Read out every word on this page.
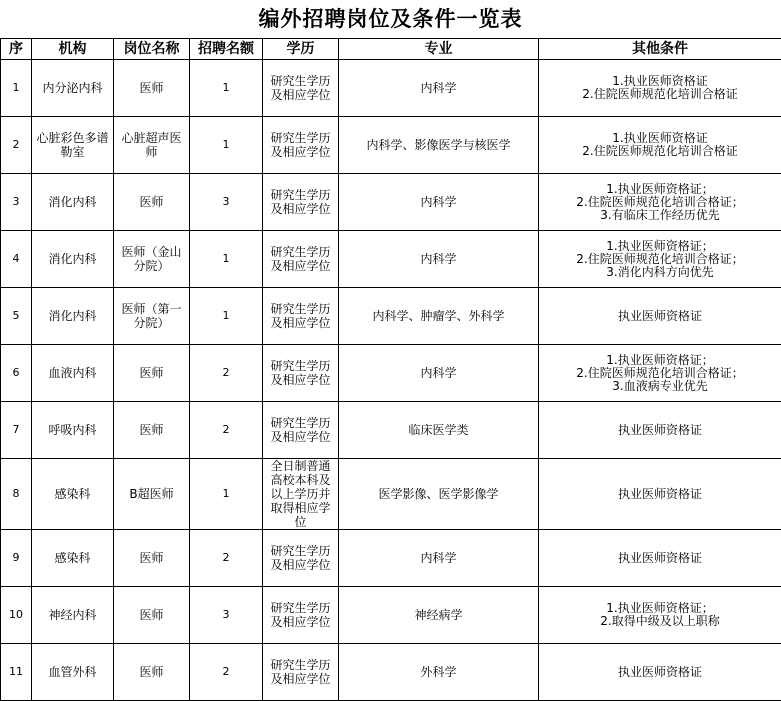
编外招聘岗位及条件一览表
序	机构	岗位名称	招聘名额	学历	专业	其他条件
1	内分泌内科	医师	1	研究生学历及相应学位	内科学	1.执业医师资格证
2.住院医师规范化培训合格证

2	心脏彩色多谱勒室	心脏超声医师	1	研究生学历及相应学位	内科学、影像医学与核医学	1.执业医师资格证
2.住院医师规范化培训合格证

3	消化内科	医师	3	研究生学历及相应学位	内科学	1.执业医师资格证；
2.住院医师规范化培训合格证；
3.有临床工作经历优先

4	消化内科	医师（金山分院）	1	研究生学历及相应学位	内科学	1.执业医师资格证；
2.住院医师规范化培训合格证；
3.消化内科方向优先

5	消化内科	医师（第一分院）	1	研究生学历及相应学位	内科学、肿瘤学、外科学	执业医师资格证

6	血液内科	医师	2	研究生学历及相应学位	内科学	1.执业医师资格证；
2.住院医师规范化培训合格证；
3.血液病专业优先

7	呼吸内科	医师	2	研究生学历及相应学位	临床医学类	执业医师资格证

8	感染科	B超医师	1	全日制普通高校本科及以上学历并取得相应学位	医学影像、医学影像学	执业医师资格证

9	感染科	医师	2	研究生学历及相应学位	内科学	执业医师资格证

10	神经内科	医师	3	研究生学历及相应学位	神经病学	1.执业医师资格证；
2.取得中级及以上职称

11	血管外科	医师	2	研究生学历及相应学位	外科学	执业医师资格证
